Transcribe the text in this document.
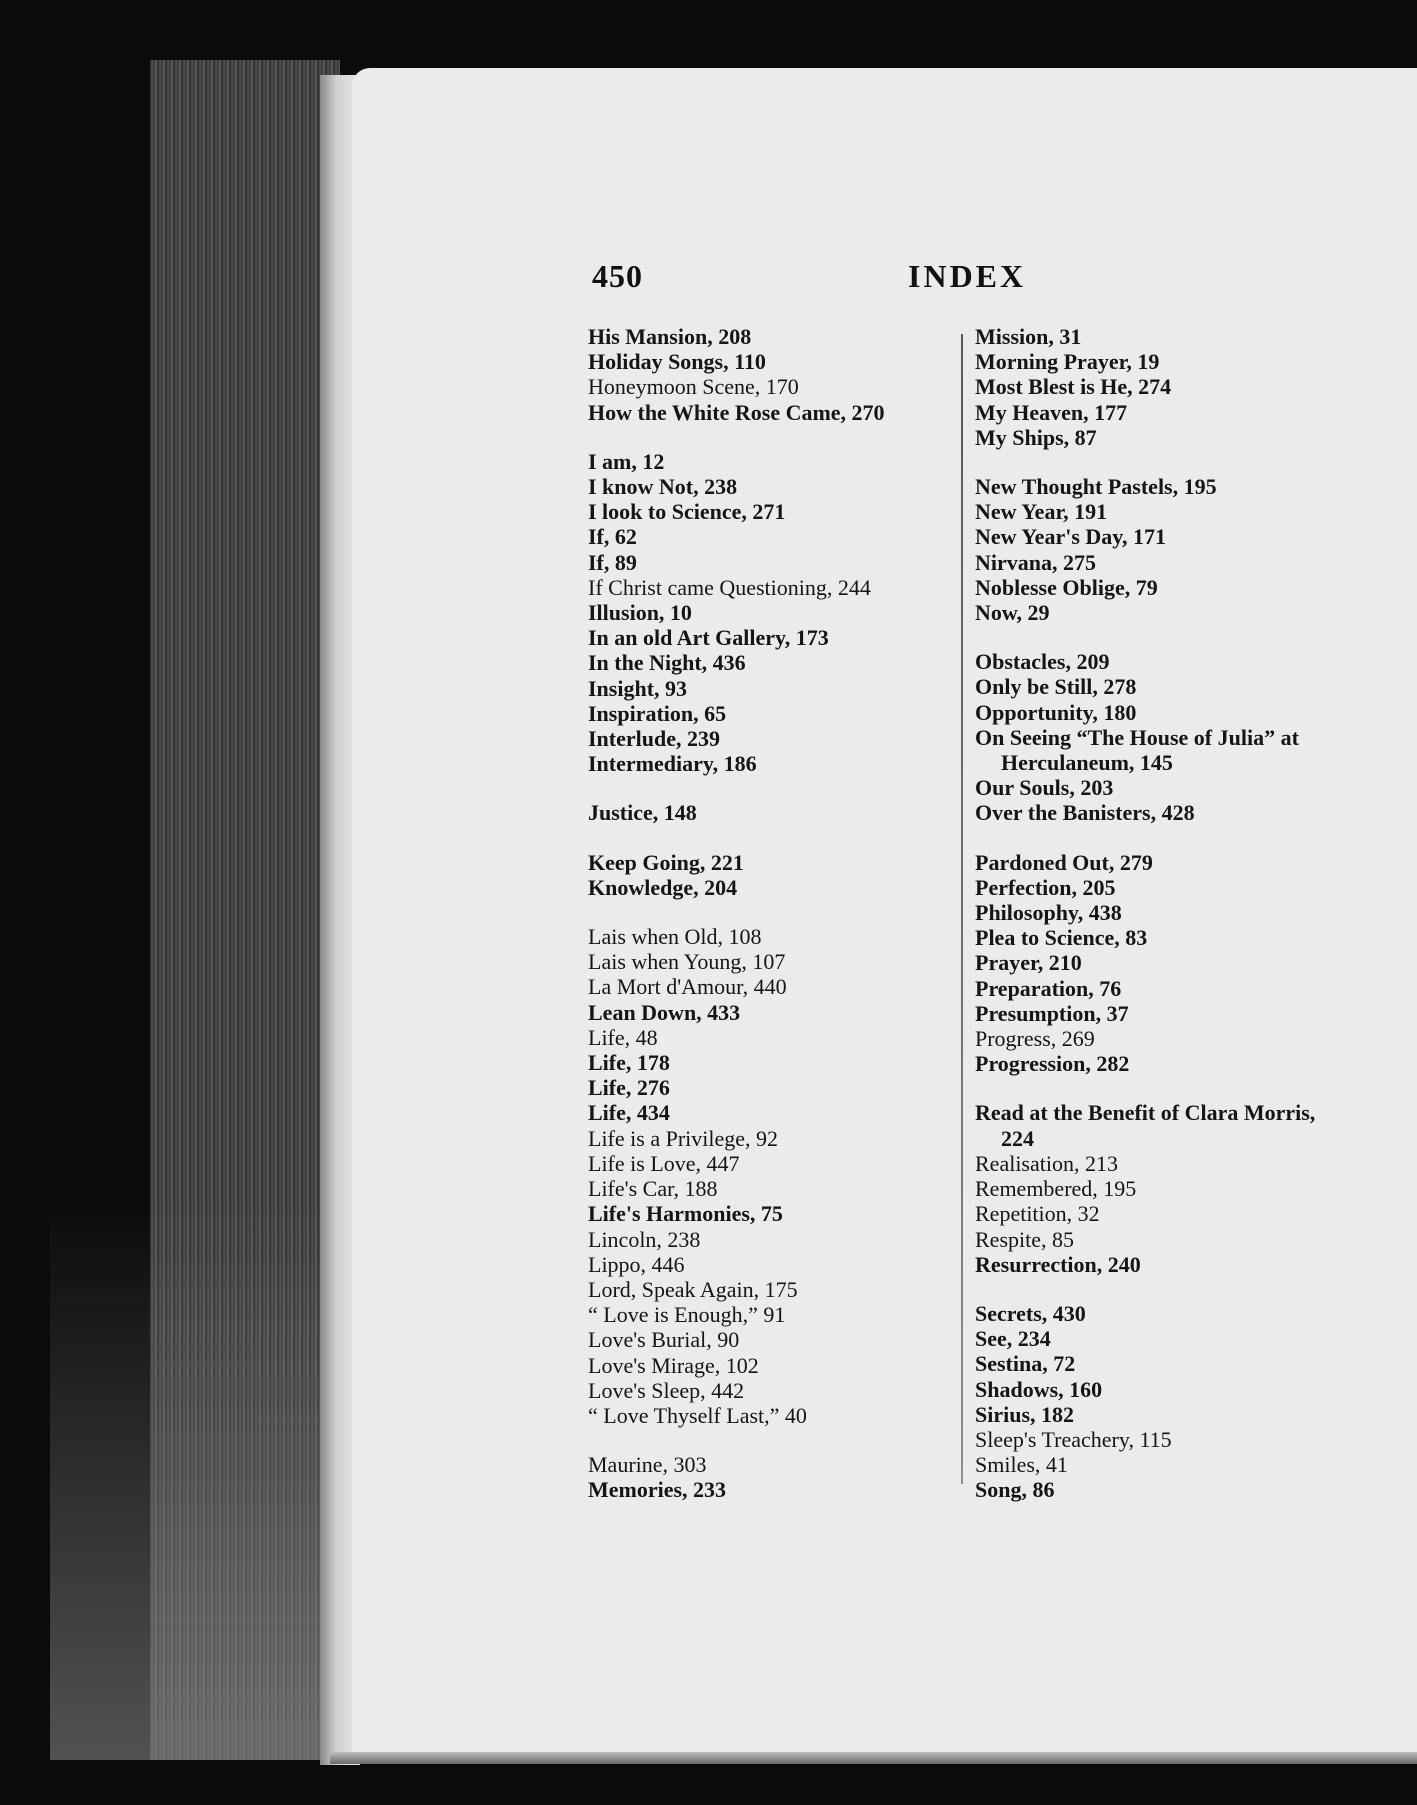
450	INDEX
His Mansion, 208
Holiday Songs, 110
Honeymoon Scene, 170
How the White Rose Came, 270
I am, 12
I know Not, 238
I look to Science, 271
If, 62
If, 89
If Christ came Questioning, 244
Illusion, 10
In an old Art Gallery, 173
In the Night, 436
Insight, 93
Inspiration, 65
Interlude, 239
Intermediary, 186
Justice, 148
Keep Going, 221
Knowledge, 204
Lais when Old, 108
Lais when Young, 107
La Mort d'Amour, 440
Lean Down, 433
Life, 48
Life, 178
Life, 276
Life, 434
Life is a Privilege, 92
Life is Love, 447
Life's Car, 188
Life's Harmonies, 75
Lincoln, 238
Lippo, 446
Lord, Speak Again, 175
“ Love is Enough,” 91
Love's Burial, 90
Love's Mirage, 102
Love's Sleep, 442
“ Love Thyself Last,” 40
Maurine, 303
Memories, 233
Mission, 31
Morning Prayer, 19
Most Blest is He, 274
My Heaven, 177
My Ships, 87
New Thought Pastels, 195
New Year, 191
New Year's Day, 171
Nirvana, 275
Noblesse Oblige, 79
Now, 29
Obstacles, 209
Only be Still, 278
Opportunity, 180
On Seeing “The House of Julia” at Herculaneum, 145
Our Souls, 203
Over the Banisters, 428
Pardoned Out, 279
Perfection, 205
Philosophy, 438
Plea to Science, 83
Prayer, 210
Preparation, 76
Presumption, 37
Progress, 269
Progression, 282
Read at the Benefit of Clara Morris, 224
Realisation, 213
Remembered, 195
Repetition, 32
Respite, 85
Resurrection, 240
Secrets, 430
See, 234
Sestina, 72
Shadows, 160
Sirius, 182
Sleep's Treachery, 115
Smiles, 41
Song, 86
